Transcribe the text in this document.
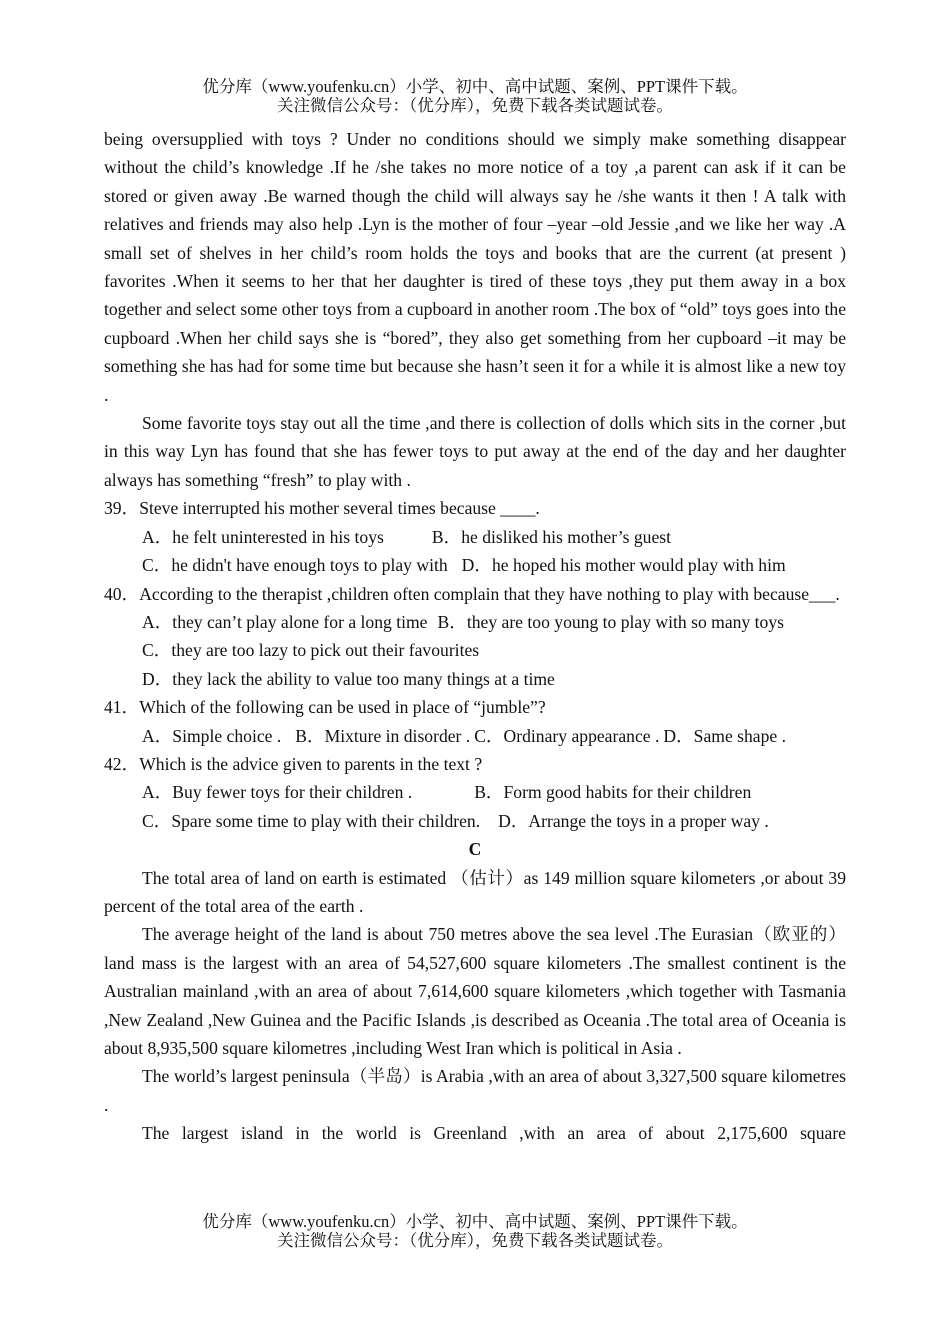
优分库（www.youfenku.cn）小学、初中、高中试题、案例、PPT课件下载。
关注微信公众号：（优分库），免费下载各类试题试卷。

being oversupplied with toys ? Under no conditions should we simply make something disappear without the child’s knowledge .If he /she takes no more notice of a toy ,a parent can ask if it can be stored or given away .Be warned though the child will always say he /she wants it then ! A talk with relatives and friends may also help .Lyn is the mother of four –year –old Jessie ,and we like her way .A small set of shelves in her child’s room holds the toys and books that are the current (at present ) favorites .When it seems to her that her daughter is tired of these toys ,they put them away in a box together and select some other toys from a cupboard in another room .The box of “old” toys goes into the cupboard .When her child says she is “bored”, they also get something from her cupboard –it may be something she has had for some time but because she hasn’t seen it for a while it is almost like a new toy .

Some favorite toys stay out all the time ,and there is collection of dolls which sits in the corner ,but in this way Lyn has found that she has fewer toys to put away at the end of the day and her daughter always has something “fresh” to play with .

39．Steve interrupted his mother several times because ____.

A．he felt uninterested in his toys	B．he disliked his mother’s guest

C．he didn't have enough toys to play with D．he hoped his mother would play with him

40．According to the therapist ,children often complain that they have nothing to play with because___.

A．they can’t play alone for a long time B．they are too young to play with so many toys

C．they are too lazy to pick out their favourites

D．they lack the ability to value too many things at a time

41．Which of the following can be used in place of “jumble”?

A．Simple choice . B．Mixture in disorder . C．Ordinary appearance . D．Same shape .

42．Which is the advice given to parents in the text ?

A．Buy fewer toys for their children .	B．Form good habits for their children

C．Spare some time to play with their children. D．Arrange the toys in a proper way .

C

The total area of land on earth is estimated （估计）as 149 million square kilometers ,or about 39 percent of the total area of the earth .

The average height of the land is about 750 metres above the sea level .The Eurasian（欧亚的） land mass is the largest with an area of 54,527,600 square kilometers .The smallest continent is the Australian mainland ,with an area of about 7,614,600 square kilometers ,which together with Tasmania ,New Zealand ,New Guinea and the Pacific Islands ,is described as Oceania .The total area of Oceania is about 8,935,500 square kilometres ,including West Iran which is political in Asia .

The world’s largest peninsula（半岛）is Arabia ,with an area of about 3,327,500 square kilometres .

The largest island in the world is Greenland ,with an area of about 2,175,600 square

优分库（www.youfenku.cn）小学、初中、高中试题、案例、PPT课件下载。
关注微信公众号：（优分库），免费下载各类试题试卷。
